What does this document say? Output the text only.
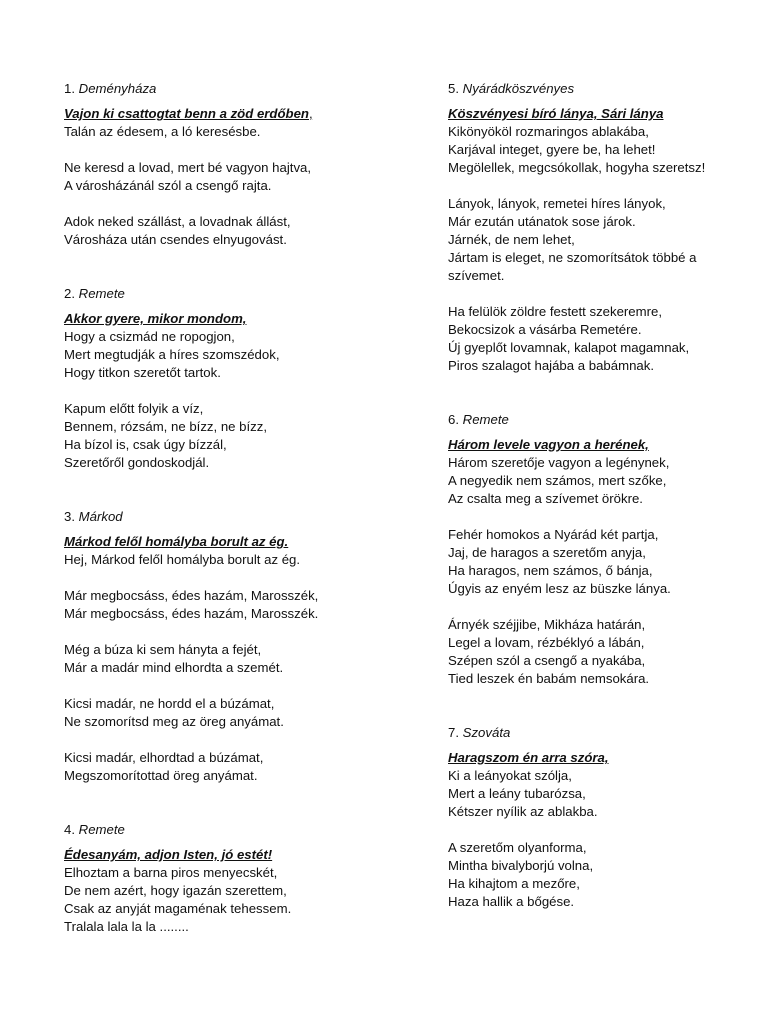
1. Deményháza
Vajon ki csattogtat benn a zöd erdőben,
Talán az édesem, a ló keresésbe.
Ne keresd a lovad, mert bé vagyon hajtva,
A városházánál szól a csengő rajta.
Adok neked szállást, a lovadnak állást,
Városháza után csendes elnyugovást.
2. Remete
Akkor gyere, mikor mondom,
Hogy a csizmád ne ropogjon,
Mert megtudják a híres szomszédok,
Hogy titkon szeretőt tartok.
Kapum előtt folyik a víz,
Bennem, rózsám, ne bízz, ne bízz,
Ha bízol is, csak úgy bízzál,
Szeretőről gondoskodjál.
3. Márkod
Márkod felől homályba borult az ég.
Hej, Márkod felől homályba borult az ég.
Már megbocsáss, édes hazám, Marosszék,
Már megbocsáss, édes hazám, Marosszék.
Még a búza ki sem hányta a fejét,
Már a madár mind elhordta a szemét.
Kicsi madár, ne hordd el a búzámat,
Ne szomorítsd meg az öreg anyámat.
Kicsi madár, elhordtad a búzámat,
Megszomorítottad öreg anyámat.
4. Remete
Édesanyám, adjon Isten, jó estét!
Elhoztam a barna piros menyecskét,
De nem azért, hogy igazán szerettem,
Csak az anyját magaménak tehessem.
Tralala lala la la ........
5. Nyárádköszvényes
Köszvényesi bíró lánya, Sári lánya
Kikönyököl rozmaringos ablakába,
Karjával integet, gyere be, ha lehet!
Megölellek, megcsókollak, hogyha szeretsz!
Lányok, lányok, remetei híres lányok,
Már ezután utánatok sose járok.
Járnék, de nem lehet,
Jártam is eleget, ne szomorítsátok többé a
szívemet.
Ha felülök zöldre festett szekeremre,
Bekocsizok a vásárba Remetére.
Új gyeplőt lovamnak, kalapot magamnak,
Piros szalagot hajába a babámnak.
6. Remete
Három levele vagyon a herének,
Három szeretője vagyon a legénynek,
A negyedik nem számos, mert szőke,
Az csalta meg a szívemet örökre.
Fehér homokos a Nyárád két partja,
Jaj, de haragos a szeretőm anyja,
Ha haragos, nem számos, ő bánja,
Úgyis az enyém lesz az büszke lánya.
Árnyék széjjibe, Mikháza határán,
Legel a lovam, rézbéklyó a lábán,
Szépen szól a csengő a nyakába,
Tied leszek én babám nemsokára.
7. Szováta
Haragszom én arra szóra,
Ki a leányokat szólja,
Mert a leány tubarózsa,
Kétszer nyílik az ablakba.
A szeretőm olyanforma,
Mintha bivalyborjú volna,
Ha kihajtom a mezőre,
Haza hallik a bőgése.
